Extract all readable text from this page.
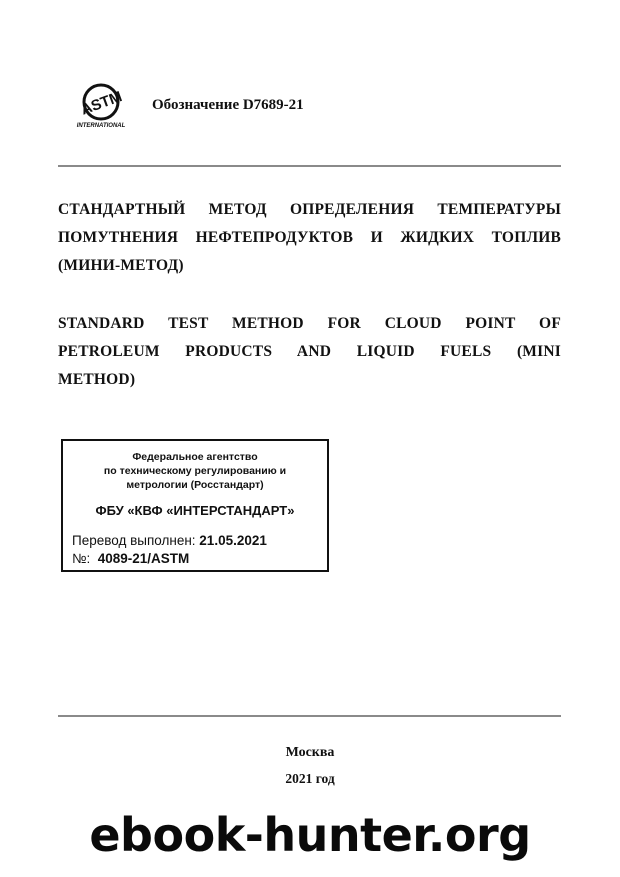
ASTM
INTERNATIONAL
Обозначение D7689-21
СТАНДАРТНЫЙ МЕТОД ОПРЕДЕЛЕНИЯ ТЕМПЕРАТУРЫ
ПОМУТНЕНИЯ НЕФТЕПРОДУКТОВ И ЖИДКИХ ТОПЛИВ
(МИНИ-МЕТОД)
STANDARD TEST METHOD FOR CLOUD POINT OF
PETROLEUM PRODUCTS AND LIQUID FUELS (MINI
METHOD)
Федеральное агентство
по техническому регулированию и
метрологии (Росстандарт)
ФБУ «КВФ «ИНТЕРСТАНДАРТ»
Перевод выполнен: 21.05.2021
№: 4089-21/ASTM
Москва
2021 год
ebook-hunter.org
